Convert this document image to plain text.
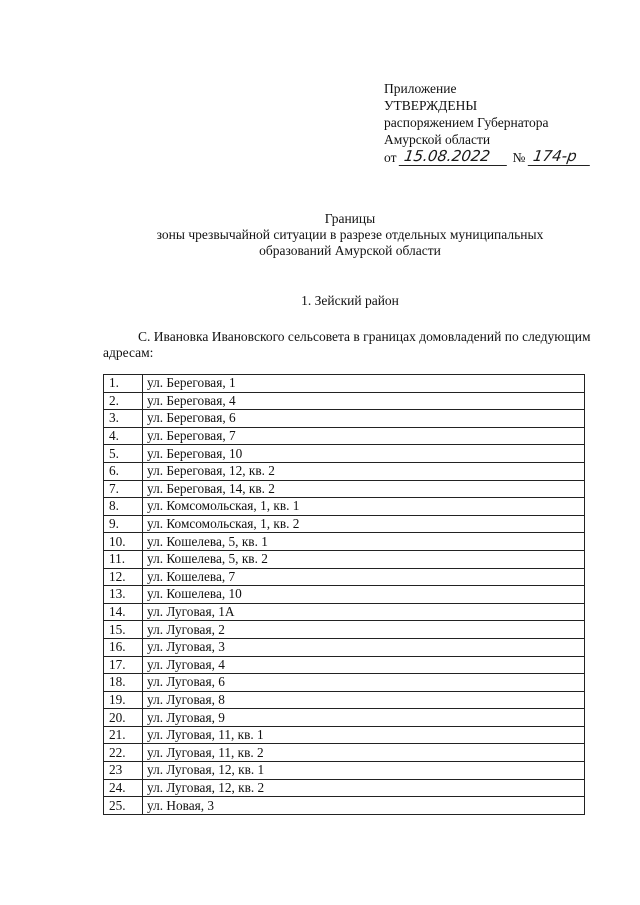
Приложение
УТВЕРЖДЕНЫ
распоряжением Губернатора
Амурской области
от 15.08.2022	№ 174-р
Границы
зоны чрезвычайной ситуации в разрезе отдельных муниципальных
образований Амурской области
1. Зейский район
С. Ивановка Ивановского сельсовета в границах домовладений по следующим адресам:
1.	ул. Береговая, 1
2.	ул. Береговая, 4
3.	ул. Береговая, 6
4.	ул. Береговая, 7
5.	ул. Береговая, 10
6.	ул. Береговая, 12, кв. 2
7.	ул. Береговая, 14, кв. 2
8.	ул. Комсомольская, 1, кв. 1
9.	ул. Комсомольская, 1, кв. 2
10.	ул. Кошелева, 5, кв. 1
11.	ул. Кошелева, 5, кв. 2
12.	ул. Кошелева, 7
13.	ул. Кошелева, 10
14.	ул. Луговая, 1А
15.	ул. Луговая, 2
16.	ул. Луговая, 3
17.	ул. Луговая, 4
18.	ул. Луговая, 6
19.	ул. Луговая, 8
20.	ул. Луговая, 9
21.	ул. Луговая, 11, кв. 1
22.	ул. Луговая, 11, кв. 2
23	ул. Луговая, 12, кв. 1
24.	ул. Луговая, 12, кв. 2
25.	ул. Новая, 3
